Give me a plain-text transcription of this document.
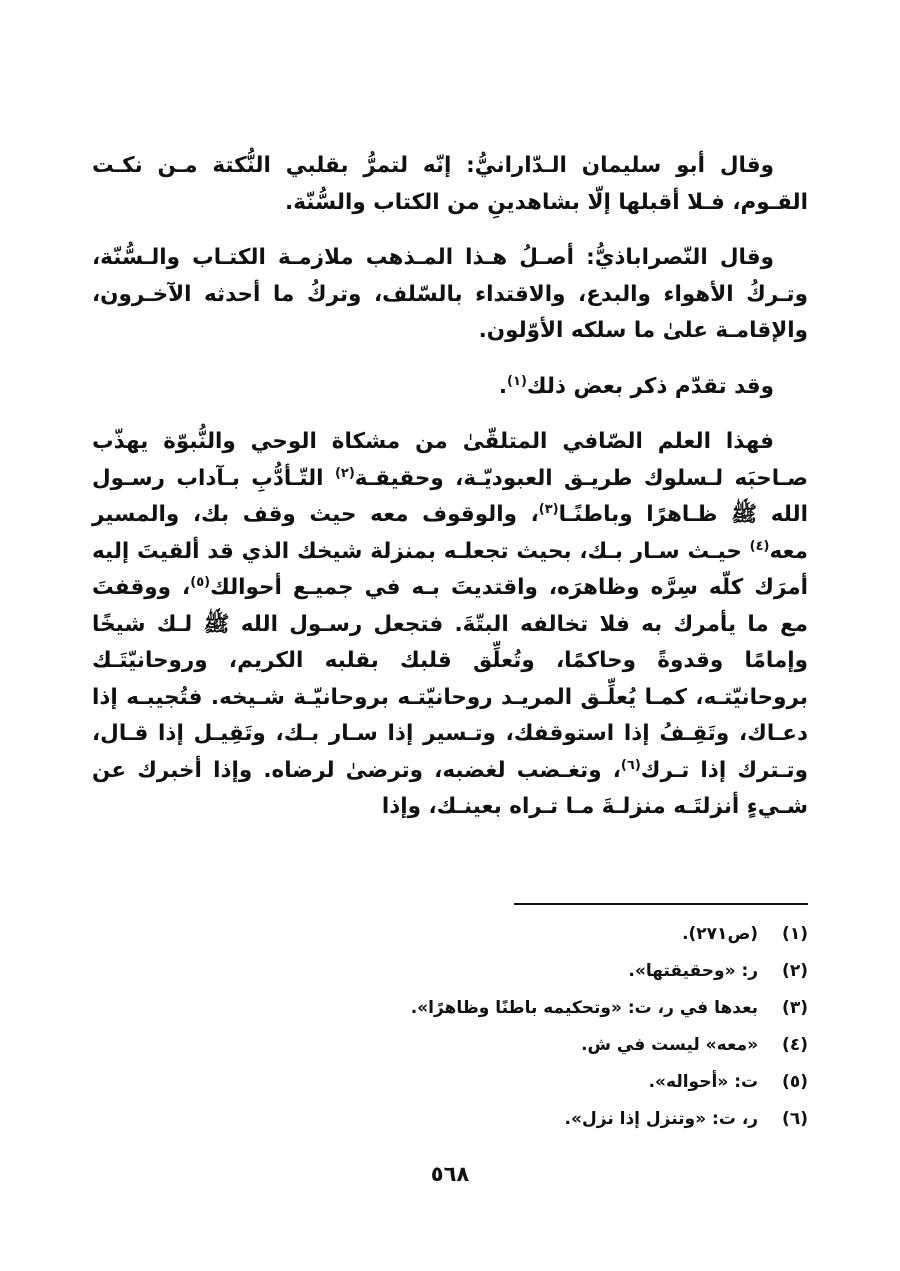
وقال أبو سليمان الـدّارانيُّ: إنّه لتمرُّ بقلبي النُّكتة مـن نكـت القـوم، فـلا أقبلها إلّا بشاهدينِ من الكتاب والسُّنّة.

وقال النّصراباذيُّ: أصـلُ هـذا المـذهب ملازمـة الكتـاب والـسُّنّة، وتـركُ الأهواء والبدع، والاقتداء بالسّلف، وتركُ ما أحدثه الآخـرون، والإقامـة علىٰ ما سلكه الأوّلون.

وقد تقدّم ذكر بعض ذلك$^{(١)}$.

فهذا العلم الصّافي المتلقّىٰ من مشكاة الوحي والنُّبوّة يهذّب صـاحبَه لـسلوك طريـق العبوديّـة، وحقيقـة$^{(٢)}$ التّـأدُّبِ بـآداب رسـول الله ﷺ ظـاهرًا وباطنًـا$^{(٣)}$، والوقوف معه حيث وقف بك، والمسير معه$^{(٤)}$ حيـث سـار بـك، بحيث تجعلـه بمنزلة شيخك الذي قد ألقيتَ إليه أمرَك كلّه سِرَّه وظاهرَه، واقتديتَ بـه في جميـع أحوالك$^{(٥)}$، ووقفتَ مع ما يأمرك به فلا تخالفه البتّةَ. فتجعل رسـول الله ﷺ لـك شيخًا وإمامًا وقدوةً وحاكمًا، وتُعلِّق قلبك بقلبه الكريم، وروحانيّتَـك بروحانيّتـه، كمـا يُعلِّـق المريـد روحانيّتـه بروحانيّـة شـيخه. فتُجيبـه إذا دعـاك، وتَقِـفُ إذا استوقفك، وتـسير إذا سـار بـك، وتَقِيـل إذا قـال، وتـترك إذا تـرك$^{(٦)}$، وتغـضب لغضبه، وترضىٰ لرضاه. وإذا أخبرك عن شـيءٍ أنزلتَـه منزلـةَ مـا تـراه بعينـك، وإذا

(١) (ص٢٧١).
(٢) ر: «وحقيقتها».
(٣) بعدها في ر، ت: «وتحكيمه باطنًا وظاهرًا».
(٤) «معه» ليست في ش.
(٥) ت: «أحواله».
(٦) ر، ت: «وتنزل إذا نزل».
٥٦٨
